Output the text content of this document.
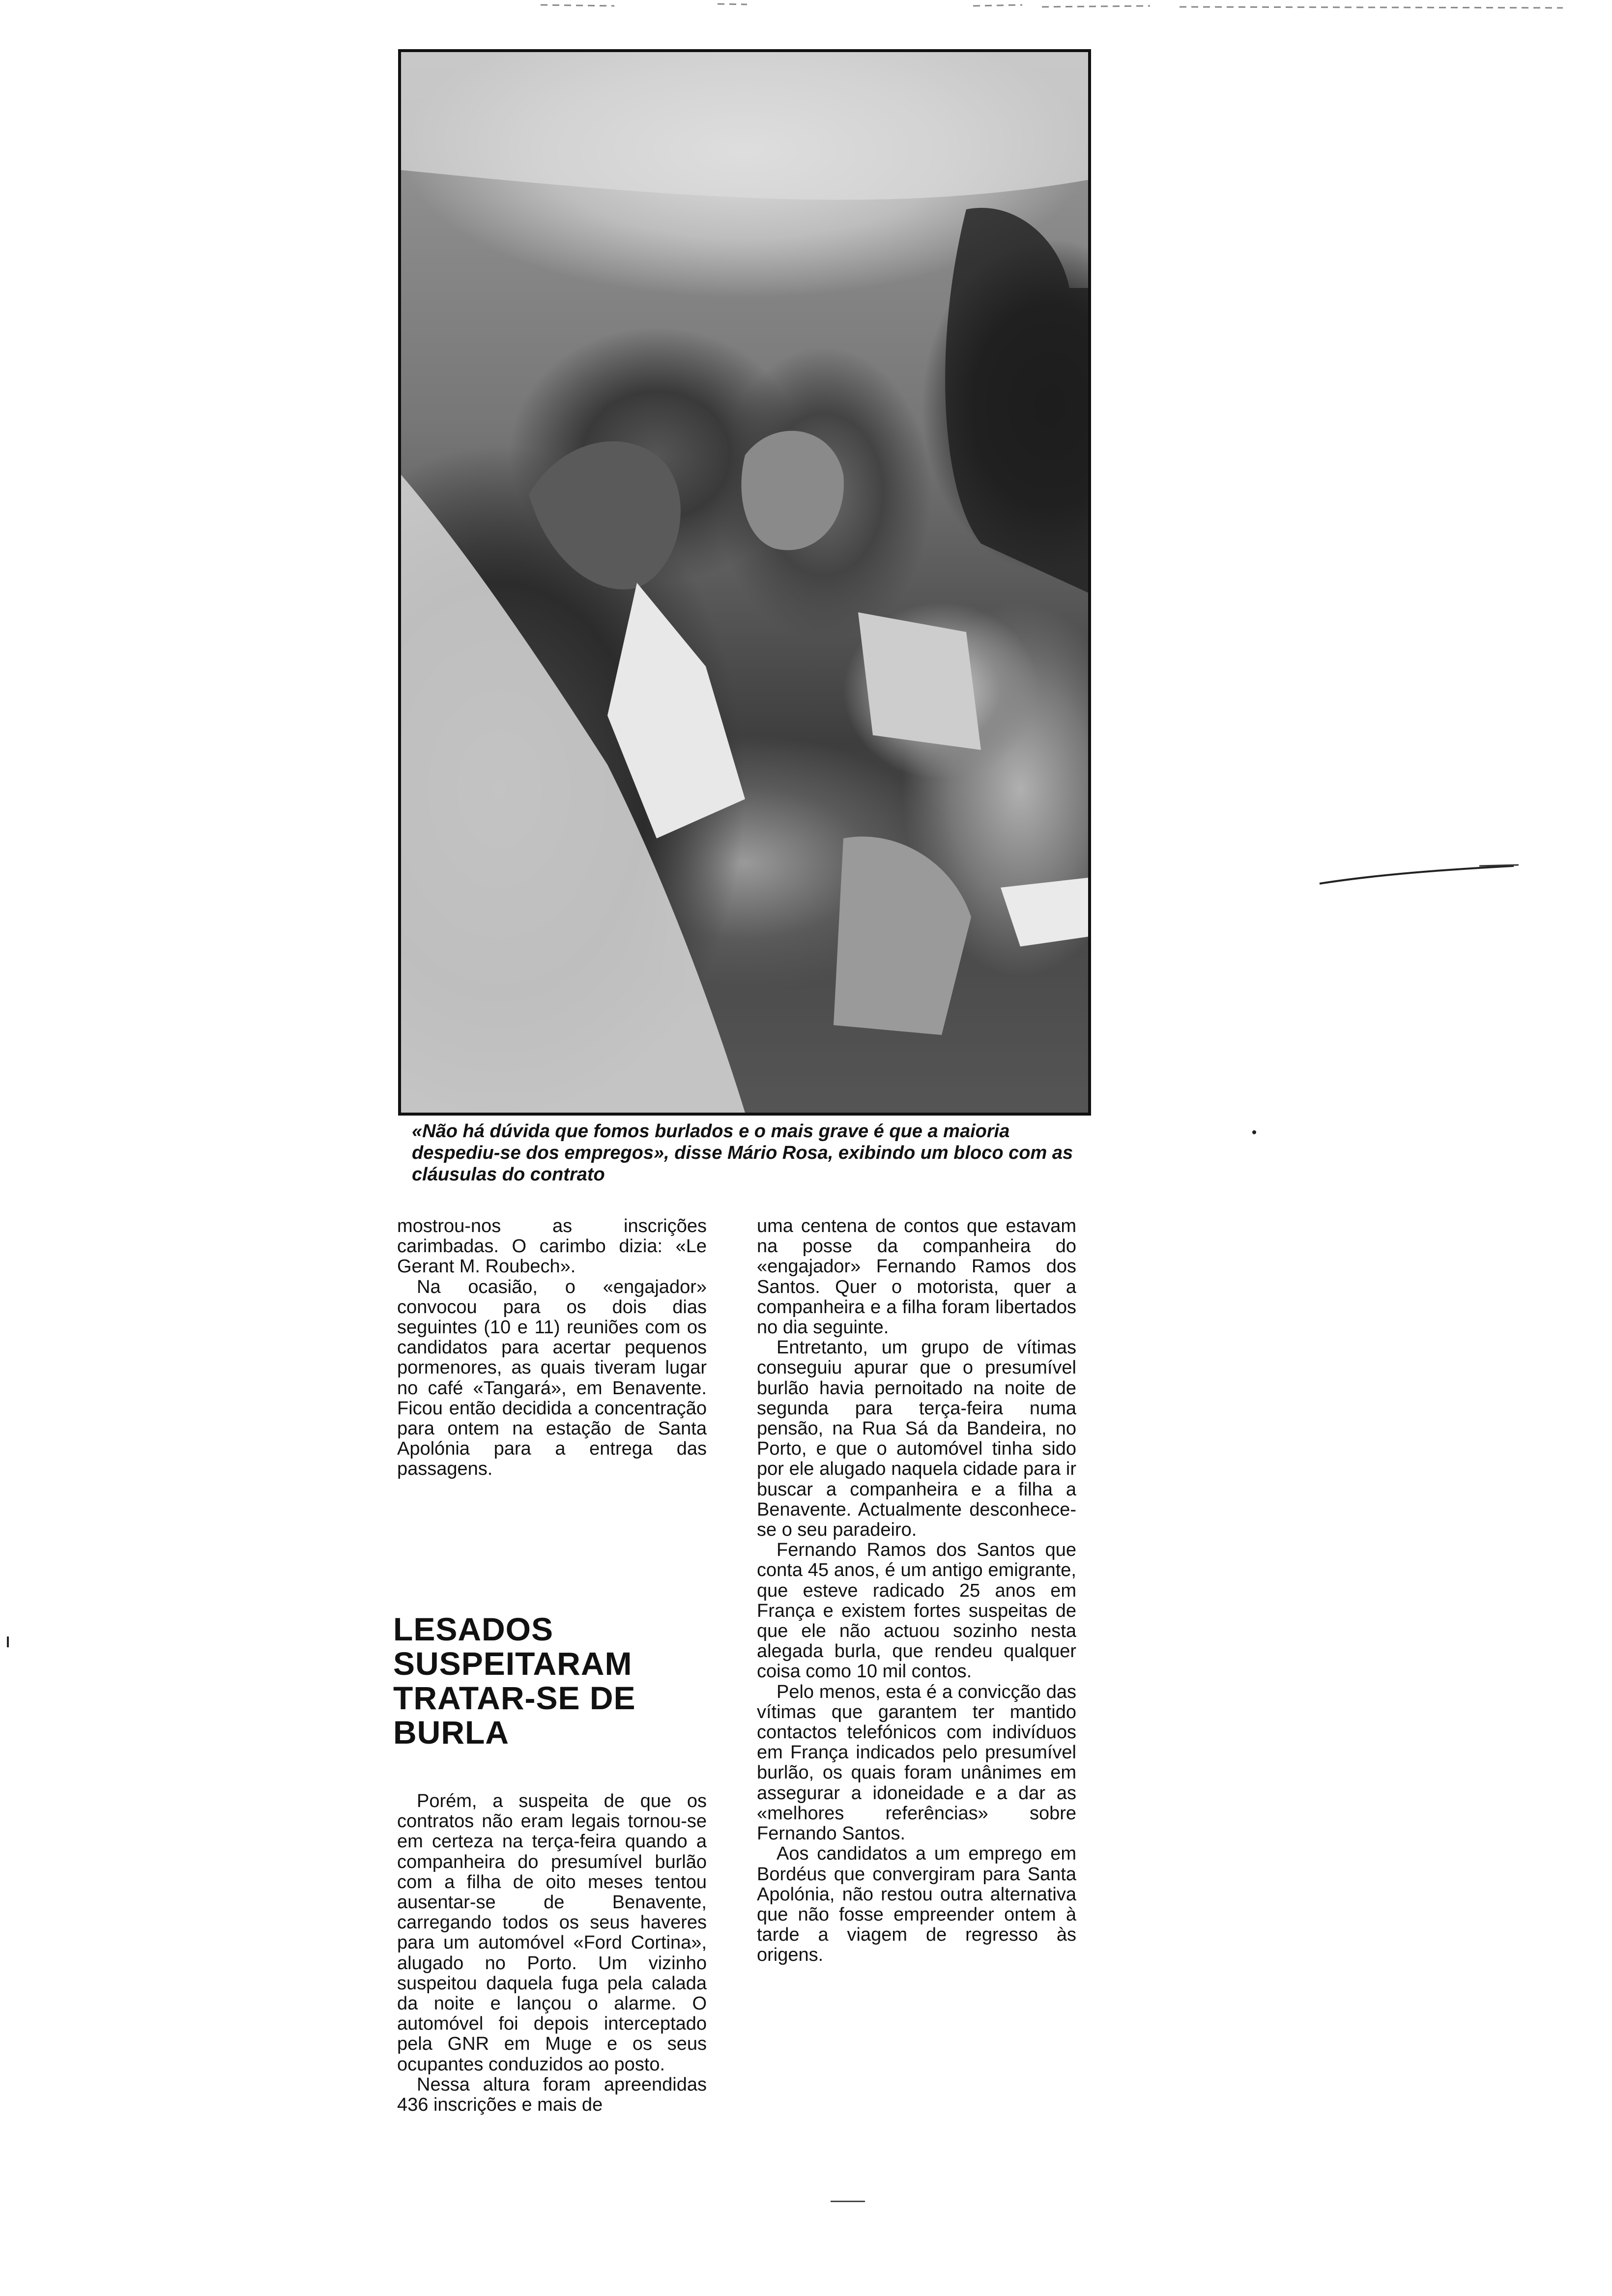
«Não há dúvida que fomos burlados e o mais grave é que a maioria despediu-se dos empregos», disse Mário Rosa, exibindo um bloco com as cláusulas do contrato

mostrou-nos as inscrições carimbadas. O carimbo dizia: «Le Gerant M. Roubech».

Na ocasião, o «engajador» convocou para os dois dias seguintes (10 e 11) reuniões com os candidatos para acertar pequenos pormenores, as quais tiveram lugar no café «Tangará», em Benavente. Ficou então decidida a concentração para ontem na estação de Santa Apolónia para a entrega das passagens.

LESADOS SUSPEITARAM TRATAR-SE DE BURLA

Porém, a suspeita de que os contratos não eram legais tornou-se em certeza na terça-feira quando a companheira do presumível burlão com a filha de oito meses tentou ausentar-se de Benavente, carregando todos os seus haveres para um automóvel «Ford Cortina», alugado no Porto. Um vizinho suspeitou daquela fuga pela calada da noite e lançou o alarme. O automóvel foi depois interceptado pela GNR em Muge e os seus ocupantes conduzidos ao posto.

Nessa altura foram apreendidas 436 inscrições e mais de

uma centena de contos que estavam na posse da companheira do «engajador» Fernando Ramos dos Santos. Quer o motorista, quer a companheira e a filha foram libertados no dia seguinte.

Entretanto, um grupo de vítimas conseguiu apurar que o presumível burlão havia pernoitado na noite de segunda para terça-feira numa pensão, na Rua Sá da Bandeira, no Porto, e que o automóvel tinha sido por ele alugado naquela cidade para ir buscar a companheira e a filha a Benavente. Actualmente desconhece-se o seu paradeiro.

Fernando Ramos dos Santos que conta 45 anos, é um antigo emigrante, que esteve radicado 25 anos em França e existem fortes suspeitas de que ele não actuou sozinho nesta alegada burla, que rendeu qualquer coisa como 10 mil contos.

Pelo menos, esta é a convicção das vítimas que garantem ter mantido contactos telefónicos com indivíduos em França indicados pelo presumível burlão, os quais foram unânimes em assegurar a idoneidade e a dar as «melhores referências» sobre Fernando Santos.

Aos candidatos a um emprego em Bordéus que convergiram para Santa Apolónia, não restou outra alternativa que não fosse empreender ontem à tarde a viagem de regresso às origens.
